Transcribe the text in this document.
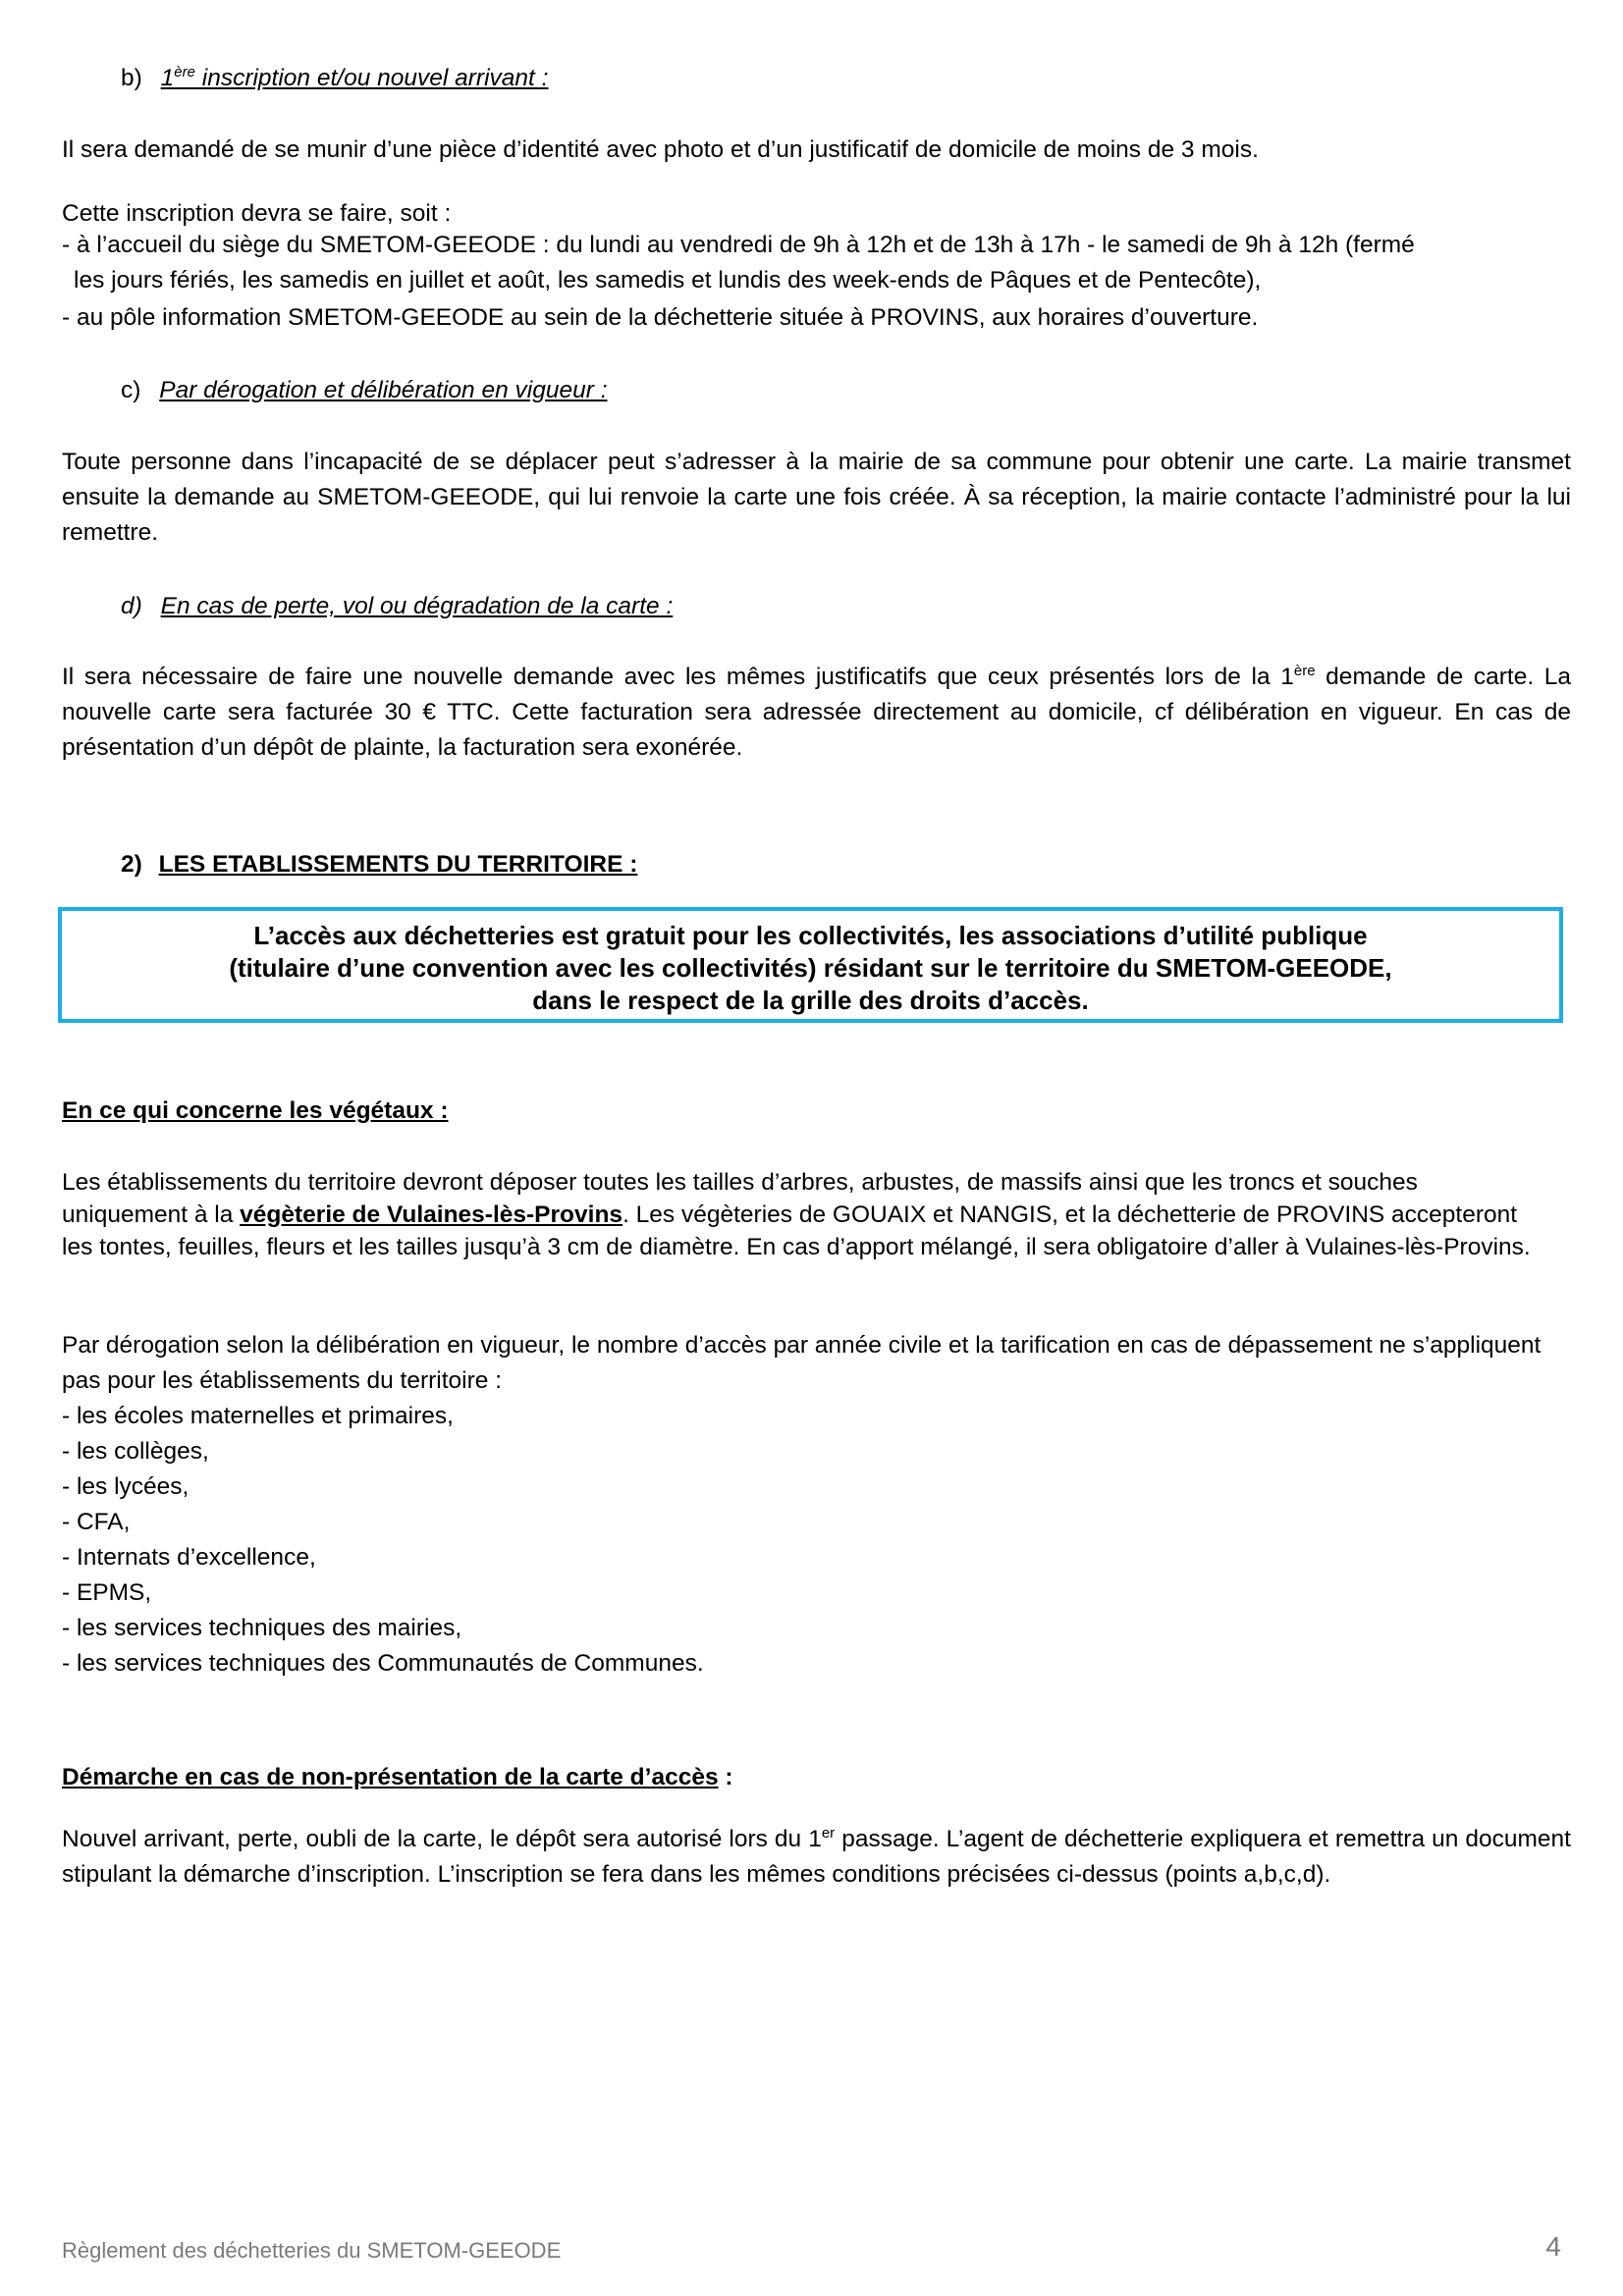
b) 1ère inscription et/ou nouvel arrivant :

Il sera demandé de se munir d’une pièce d’identité avec photo et d’un justificatif de domicile de moins de 3 mois.

Cette inscription devra se faire, soit :

- à l’accueil du siège du SMETOM-GEEODE : du lundi au vendredi de 9h à 12h et de 13h à 17h - le samedi de 9h à 12h (fermé

les jours fériés, les samedis en juillet et août, les samedis et lundis des week-ends de Pâques et de Pentecôte),

- au pôle information SMETOM-GEEODE au sein de la déchetterie située à PROVINS, aux horaires d’ouverture.

c) Par dérogation et délibération en vigueur :

Toute personne dans l’incapacité de se déplacer peut s’adresser à la mairie de sa commune pour obtenir une carte. La mairie transmet ensuite la demande au SMETOM-GEEODE, qui lui renvoie la carte une fois créée. À sa réception, la mairie contacte l’administré pour la lui remettre.

d) En cas de perte, vol ou dégradation de la carte :

Il sera nécessaire de faire une nouvelle demande avec les mêmes justificatifs que ceux présentés lors de la 1ère demande de carte. La nouvelle carte sera facturée 30 € TTC. Cette facturation sera adressée directement au domicile, cf délibération en vigueur. En cas de présentation d’un dépôt de plainte, la facturation sera exonérée.

2) LES ETABLISSEMENTS DU TERRITOIRE :
L’accès aux déchetteries est gratuit pour les collectivités, les associations d’utilité publique
(titulaire d’une convention avec les collectivités) résidant sur le territoire du SMETOM-GEEODE,
dans le respect de la grille des droits d’accès.

En ce qui concerne les végétaux :

Les établissements du territoire devront déposer toutes les tailles d’arbres, arbustes, de massifs ainsi que les troncs et souches uniquement à la végèterie de Vulaines-lès-Provins. Les végèteries de GOUAIX et NANGIS, et la déchetterie de PROVINS accepteront les tontes, feuilles, fleurs et les tailles jusqu’à 3 cm de diamètre. En cas d’apport mélangé, il sera obligatoire d’aller à Vulaines-lès-Provins.

Par dérogation selon la délibération en vigueur, le nombre d’accès par année civile et la tarification en cas de dépassement ne s’appliquent pas pour les établissements du territoire :

- les écoles maternelles et primaires,
- les collèges,
- les lycées,
- CFA,
- Internats d’excellence,
- EPMS,
- les services techniques des mairies,
- les services techniques des Communautés de Communes.

Démarche en cas de non-présentation de la carte d’accès :

Nouvel arrivant, perte, oubli de la carte, le dépôt sera autorisé lors du 1er passage. L’agent de déchetterie expliquera et remettra un document stipulant la démarche d’inscription. L’inscription se fera dans les mêmes conditions précisées ci-dessus (points a,b,c,d).

Règlement des déchetteries du SMETOM-GEEODE	4
